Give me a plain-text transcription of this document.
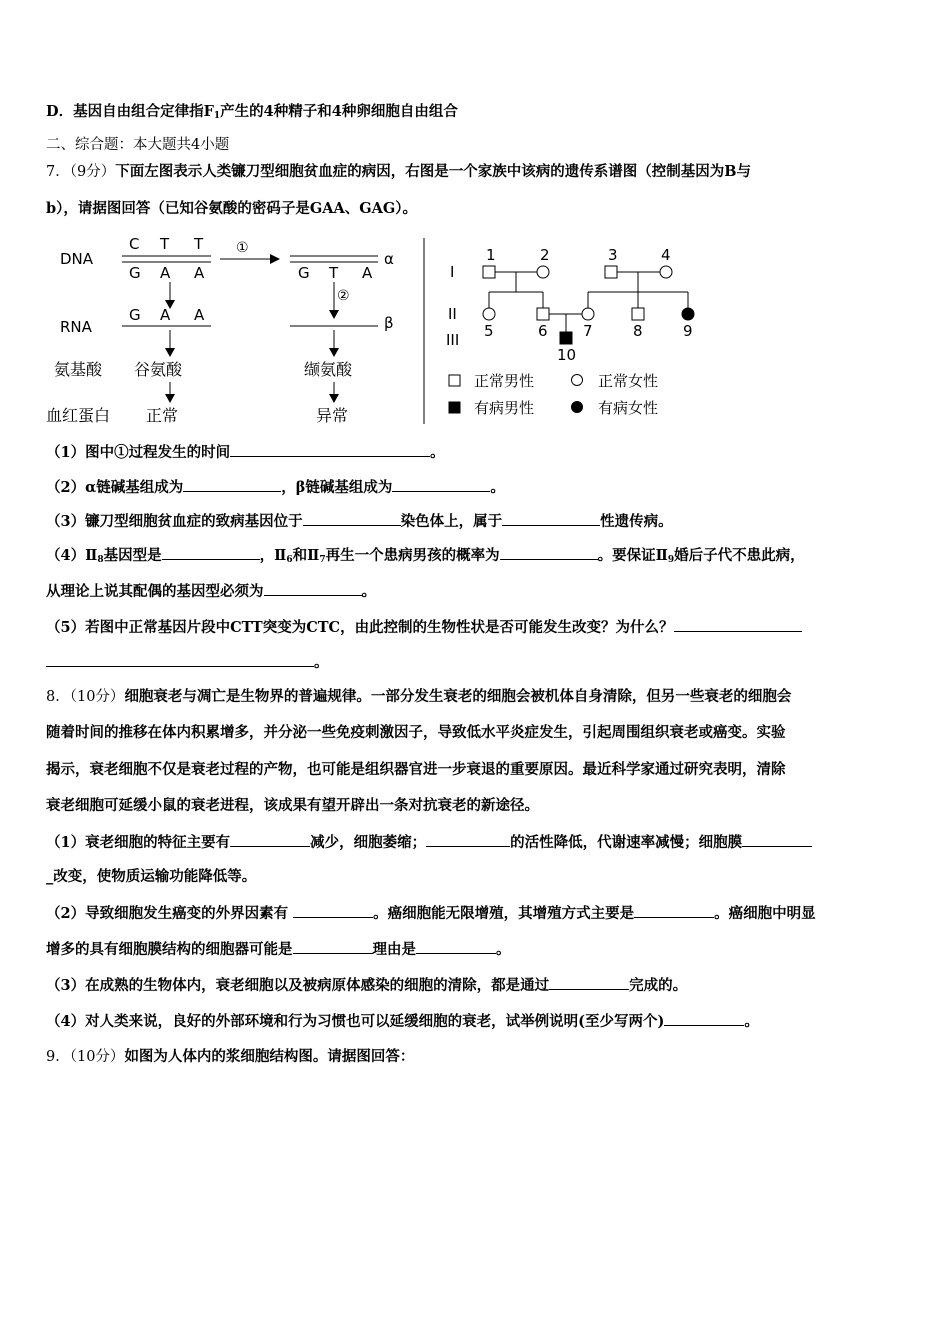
D．基因自由组合定律指$F_1$产生的4种精子和4种卵细胞自由组合
二、综合题：本大题共4小题
7．（9分）下面左图表示人类镰刀型细胞贫血症的病因，右图是一个家族中该病的遗传系谱图（控制基因为B与
b），请据图回答（已知谷氨酸的密码子是GAA、GAG）。
DNA
C T T
G A A
RNA
G A A
氨基酸 谷氨酸
血红蛋白 正常
①
α
G T A
②
β
缬氨酸
异常
I
II
III
1	2	3	4
5	6 7	8	9
10
正常男性	正常女性
有病男性	有病女性
（1）图中①过程发生的时间	。
（2）α链碱基组成为	，β链碱基组成为	。
（3）镰刀型细胞贫血症的致病基因位于	染色体上，属于	性遗传病。
$(4)Ⅱ_8$基因型是	，$Ⅱ_6$和$Ⅱ_7$再生一个患病男孩的概率为	。要保证$Ⅱ_9$婚后子代不患此病，
从理论上说其配偶的基因型必须为	。
（5）若图中正常基因片段中CTT突变为CTC，由此控制的生物性状是否可能发生改变？为什么？
。
8．（10分）细胞衰老与凋亡是生物界的普遍规律。一部分发生衰老的细胞会被机体自身清除，但另一些衰老的细胞会
随着时间的推移在体内积累增多，并分泌一些免疫刺激因子，导致低水平炎症发生，引起周围组织衰老或癌变。实验
揭示，衰老细胞不仅是衰老过程的产物，也可能是组织器官进一步衰退的重要原因。最近科学家通过研究表明，清除
衰老细胞可延缓小鼠的衰老进程，该成果有望开辟出一条对抗衰老的新途径。
（1）衰老细胞的特征主要有	减少，细胞萎缩；	的活性降低，代谢速率减慢；细胞膜
_改变，使物质运输功能降低等。
（2）导致细胞发生癌变的外界因素有	。癌细胞能无限增殖，其增殖方式主要是	。癌细胞中明显
增多的具有细胞膜结构的细胞器可能是	理由是	。
（3）在成熟的生物体内，衰老细胞以及被病原体感染的细胞的清除，都是通过	完成的。
（4）对人类来说，良好的外部环境和行为习惯也可以延缓细胞的衰老，试举例说明(至少写两个)	。
9．（10分）如图为人体内的浆细胞结构图。请据图回答：
